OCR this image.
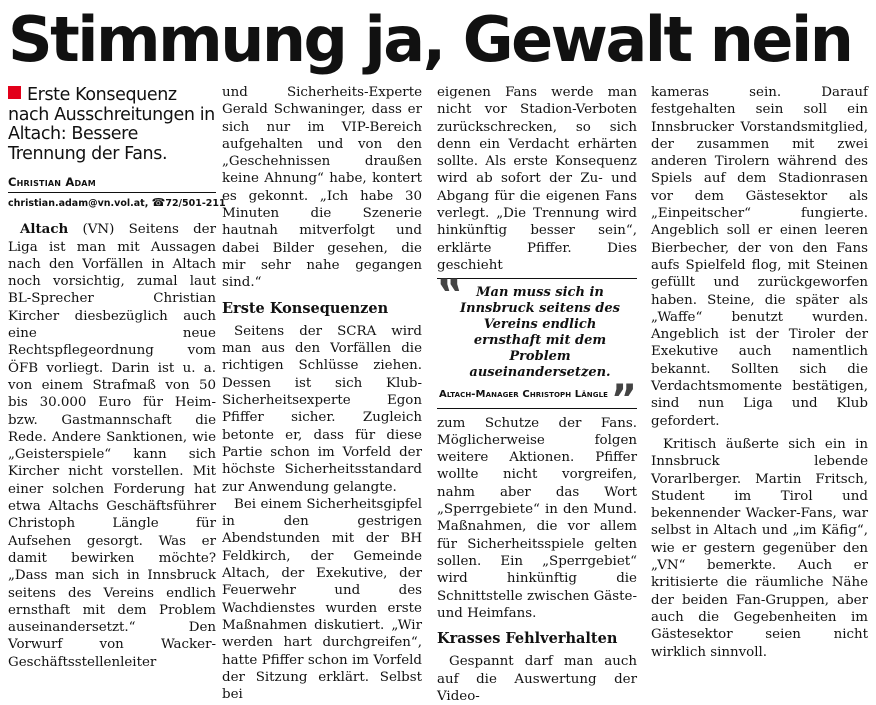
Stimmung ja, Gewalt nein
Erste Konsequenz nach Ausschreitungen in Altach: Bessere Trennung der Fans.
Christian Adam
christian.adam@vn.vol.at, ☎72/501-211

Altach (VN) Seitens der Liga ist man mit Aussagen nach den Vorfällen in Altach noch vorsichtig, zumal laut BL-Sprecher Christian Kircher diesbezüglich auch eine neue Rechtspflegeordnung vom ÖFB vorliegt. Darin ist u. a. von einem Strafmaß von 50 bis 30.000 Euro für Heim- bzw. Gastmannschaft die Rede. Andere Sanktionen, wie „Geisterspiele“ kann sich Kircher nicht vorstellen. Mit einer solchen Forderung hat etwa Altachs Geschäftsführer Christoph Längle für Aufsehen gesorgt. Was er damit bewirken möchte? „Dass man sich in Innsbruck seitens des Vereins endlich ernsthaft mit dem Problem auseinandersetzt.“ Den Vorwurf von Wacker-Geschäftsstellenleiter

und Sicherheits-Experte Gerald Schwaninger, dass er sich nur im VIP-Bereich aufgehalten und von den „Geschehnissen draußen keine Ahnung“ habe, kontert es gekonnt. „Ich habe 30 Minuten die Szenerie hautnah mitverfolgt und dabei Bilder gesehen, die mir sehr nahe gegangen sind.“

Erste Konsequenzen

Seitens der SCRA wird man aus den Vorfällen die richtigen Schlüsse ziehen. Dessen ist sich Klub-Sicherheitsexperte Egon Pfiffer sicher. Zugleich betonte er, dass für diese Partie schon im Vorfeld der höchste Sicherheitsstandard zur Anwendung gelangte.

Bei einem Sicherheitsgipfel in den gestrigen Abendstunden mit der BH Feldkirch, der Gemeinde Altach, der Exekutive, der Feuerwehr und des Wachdienstes wurden erste Maßnahmen diskutiert. „Wir werden hart durchgreifen“, hatte Pfiffer schon im Vorfeld der Sitzung erklärt. Selbst bei

eigenen Fans werde man nicht vor Stadion-Verboten zurückschrecken, so sich denn ein Verdacht erhärten sollte. Als erste Konsequenz wird ab sofort der Zu- und Abgang für die eigenen Fans verlegt. „Die Trennung wird hinkünftig besser sein“, erklärte Pfiffer. Dies geschieht

‟ Man muss sich in Innsbruck seitens des Vereins endlich ernsthaft mit dem Problem auseinandersetzen.
Altach-Manager Christoph Längle ”

zum Schutze der Fans. Möglicherweise folgen weitere Aktionen. Pfiffer wollte nicht vorgreifen, nahm aber das Wort „Sperrgebiete“ in den Mund. Maßnahmen, die vor allem für Sicherheitsspiele gelten sollen. Ein „Sperrgebiet“ wird hinkünftig die Schnittstelle zwischen Gäste- und Heimfans.

Krasses Fehlverhalten

Gespannt darf man auch auf die Auswertung der Video-

kameras sein. Darauf festgehalten sein soll ein Innsbrucker Vorstandsmitglied, der zusammen mit zwei anderen Tirolern während des Spiels auf dem Stadionrasen vor dem Gästesektor als „Einpeitscher“ fungierte. Angeblich soll er einen leeren Bierbecher, der von den Fans aufs Spielfeld flog, mit Steinen gefüllt und zurückgeworfen haben. Steine, die später als „Waffe“ benutzt wurden. Angeblich ist der Tiroler der Exekutive auch namentlich bekannt. Sollten sich die Verdachtsmomente bestätigen, sind nun Liga und Klub gefordert.

Kritisch äußerte sich ein in Innsbruck lebende Vorarlberger. Martin Fritsch, Student im Tirol und bekennender Wacker-Fans, war selbst in Altach und „im Käfig“, wie er gestern gegenüber den „VN“ bemerkte. Auch er kritisierte die räumliche Nähe der beiden Fan-Gruppen, aber auch die Gegebenheiten im Gästesektor seien nicht wirklich sinnvoll.
